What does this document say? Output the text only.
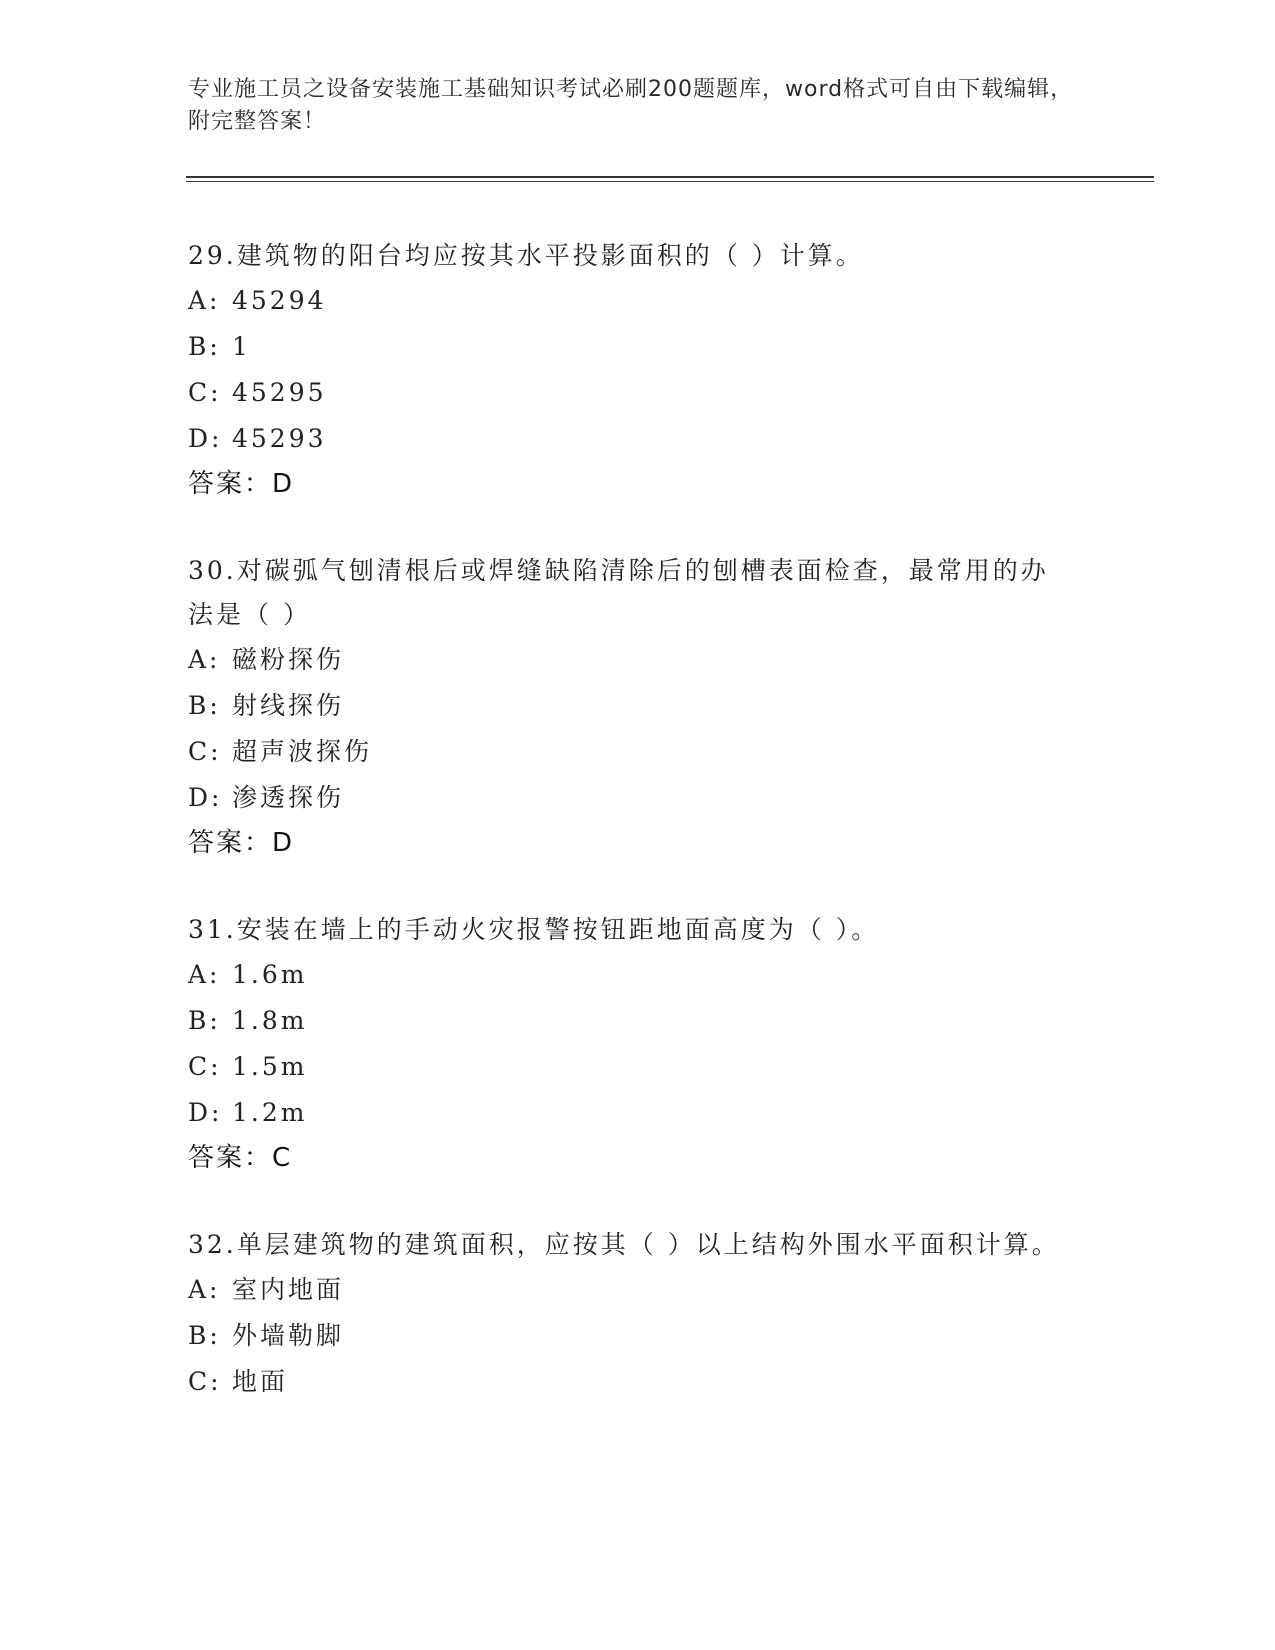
专业施工员之设备安装施工基础知识考试必刷200题题库，word格式可自由下载编辑，附完整答案！
29.建筑物的阳台均应按其水平投影面积的（ ）计算。
A: 45294
B: 1
C: 45295
D: 45293
答案：D
30.对碳弧气刨清根后或焊缝缺陷清除后的刨槽表面检查，最常用的办法是（ ）
A: 磁粉探伤
B: 射线探伤
C: 超声波探伤
D: 渗透探伤
答案：D
31.安装在墙上的手动火灾报警按钮距地面高度为（ ）。
A: 1.6m
B: 1.8m
C: 1.5m
D: 1.2m
答案：C
32.单层建筑物的建筑面积，应按其（ ）以上结构外围水平面积计算。
A: 室内地面
B: 外墙勒脚
C: 地面
